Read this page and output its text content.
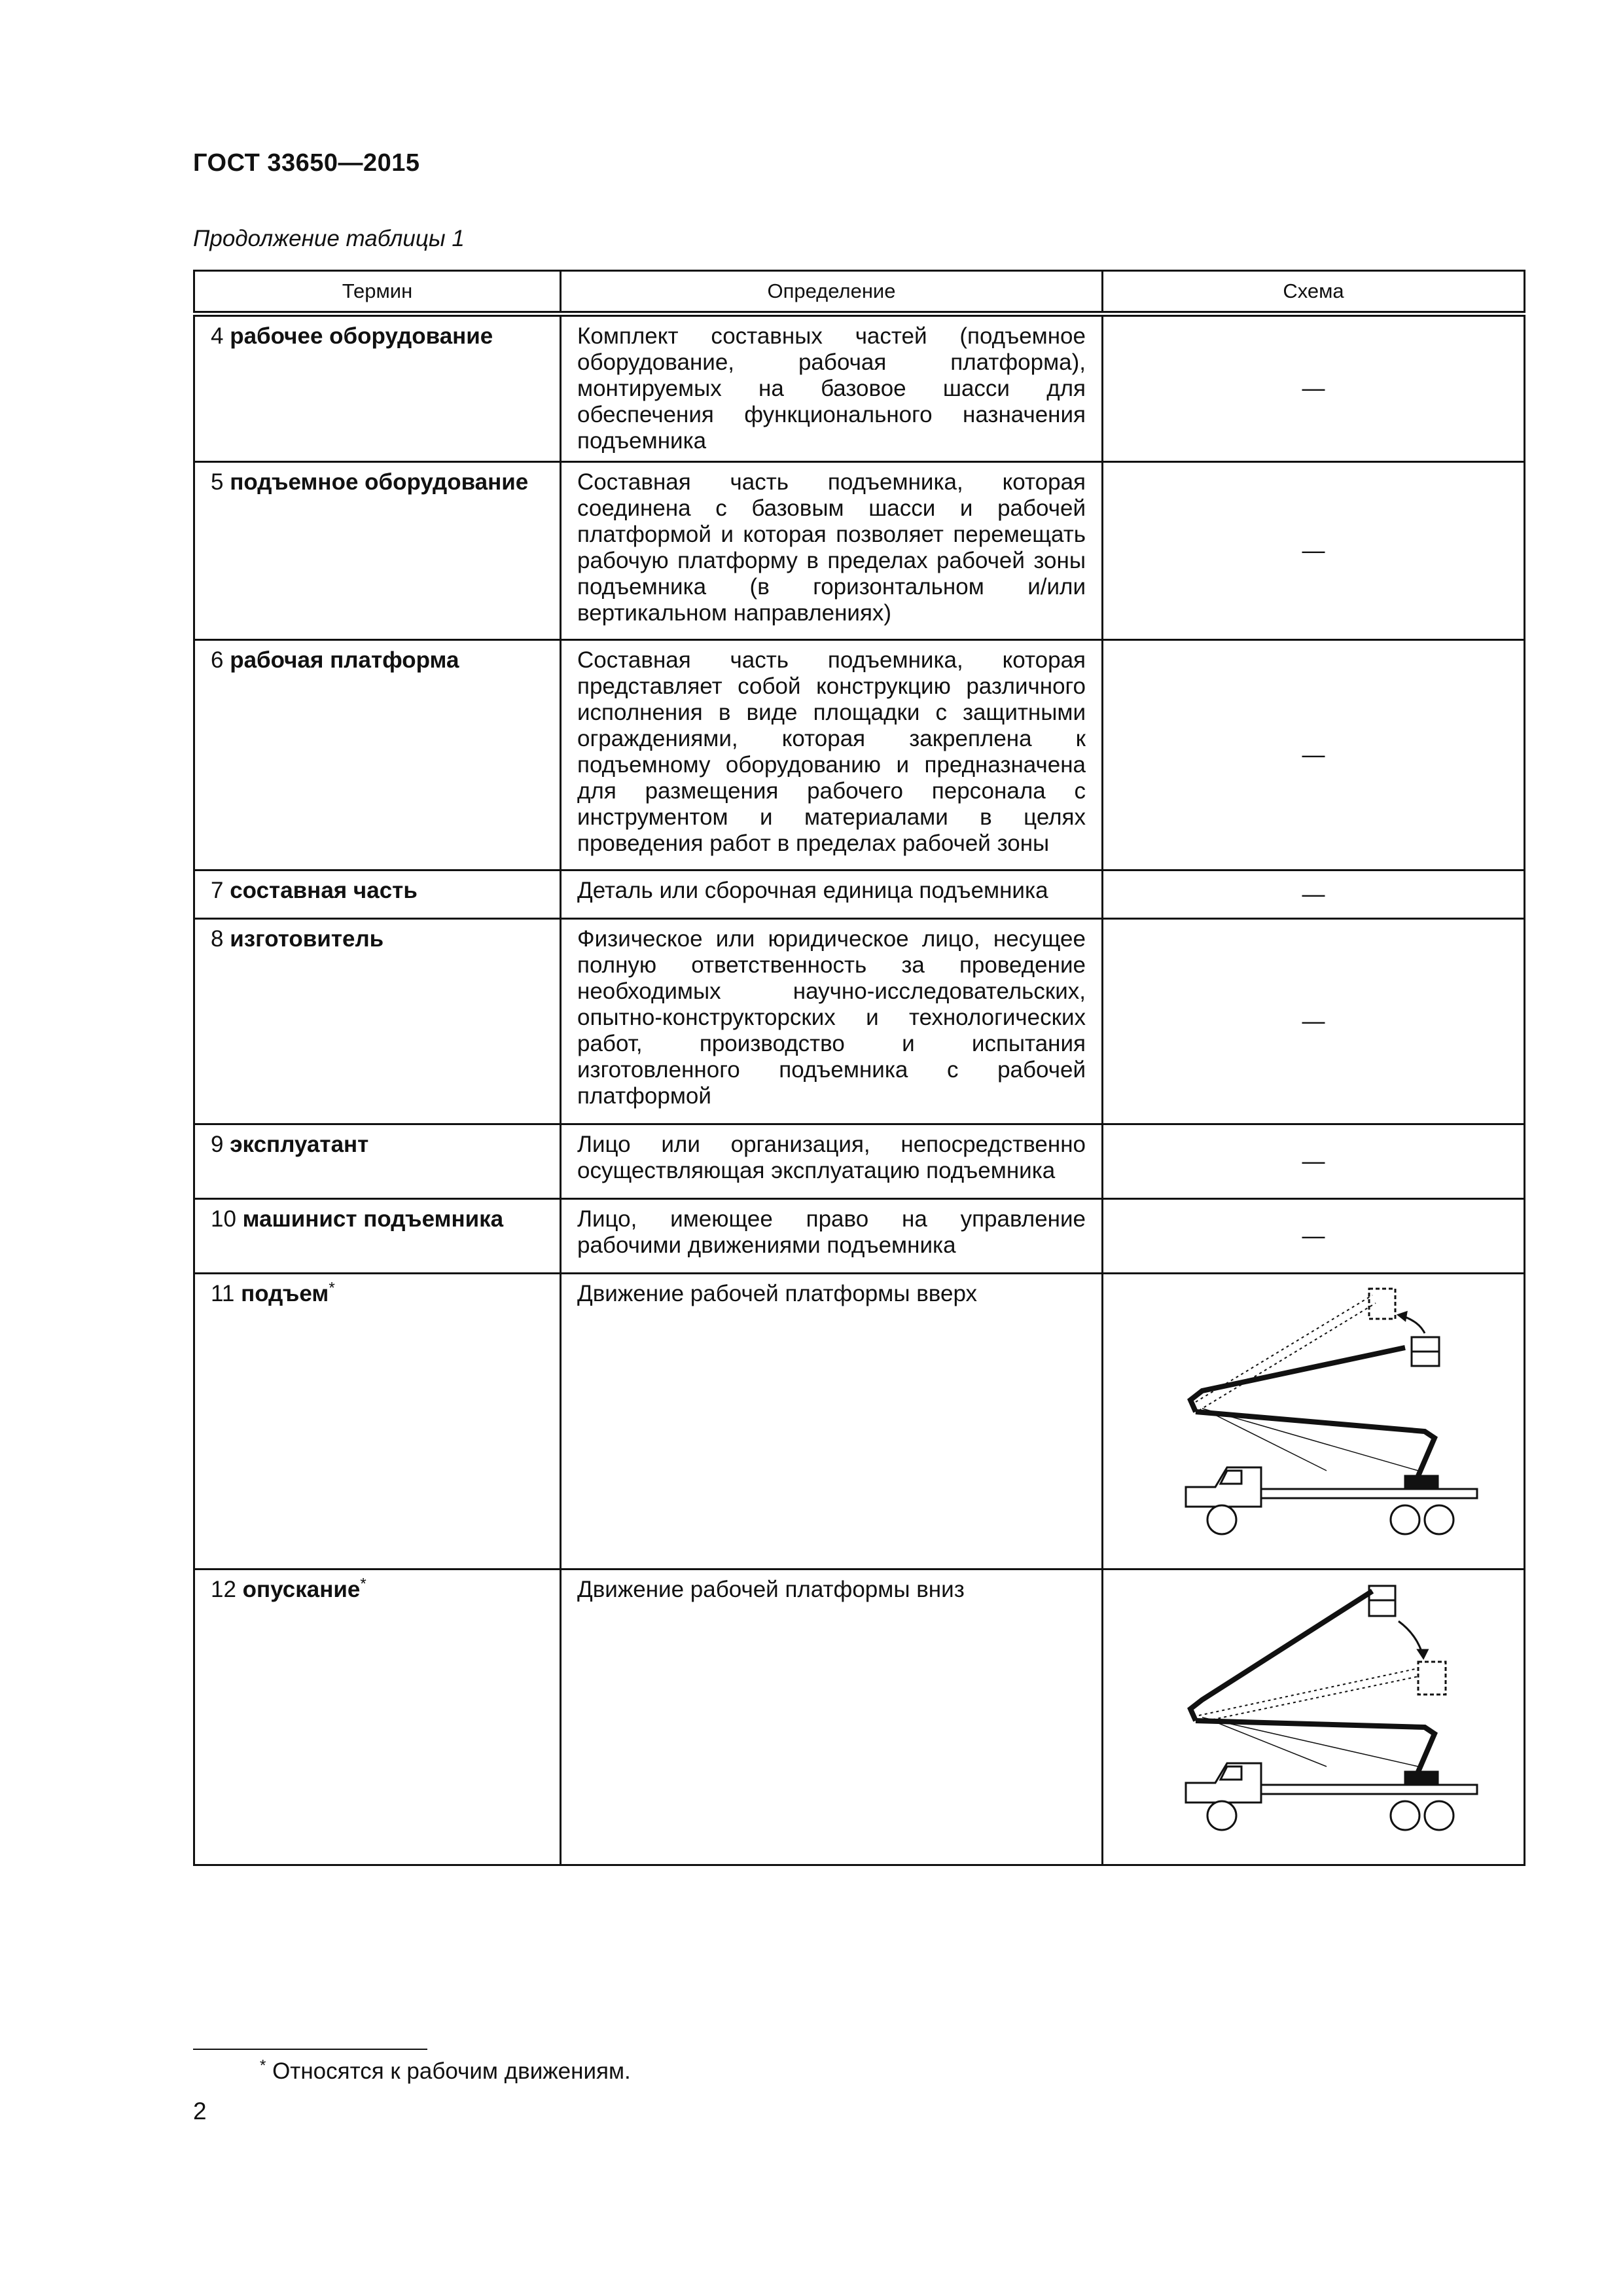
ГОСТ 33650—2015
Продолжение таблицы 1
Термин	Определение	Схема
4 рабочее оборудование	Комплект составных частей (подъемное оборудование, рабочая платформа), монтируемых на базовое шасси для обеспечения функционального назначения подъемника	—
5 подъемное оборудование	Составная часть подъемника, которая соединена с базовым шасси и рабочей платформой и которая позволяет перемещать рабочую платформу в пределах рабочей зоны подъемника (в горизонтальном и/или вертикальном направлениях)	—
6 рабочая платформа	Составная часть подъемника, которая представляет собой конструкцию различного исполнения в виде площадки с защитными ограждениями, которая закреплена к подъемному оборудованию и предназначена для размещения рабочего персонала с инструментом и материалами в целях проведения работ в пределах рабочей зоны	—
7 составная часть	Деталь или сборочная единица подъемника	—
8 изготовитель	Физическое или юридическое лицо, несущее полную ответственность за проведение необходимых научно-исследовательских, опытно-конструкторских и технологических работ, производство и испытания изготовленного подъемника с рабочей платформой	—
9 эксплуатант	Лицо или организация, непосредственно осуществляющая эксплуатацию подъемника	—
10 машинист подъемника	Лицо, имеющее право на управление рабочими движениями подъемника	—
11 подъем*	Движение рабочей платформы вверх	
12 опускание*	Движение рабочей платформы вниз	
* Относятся к рабочим движениям.
2
